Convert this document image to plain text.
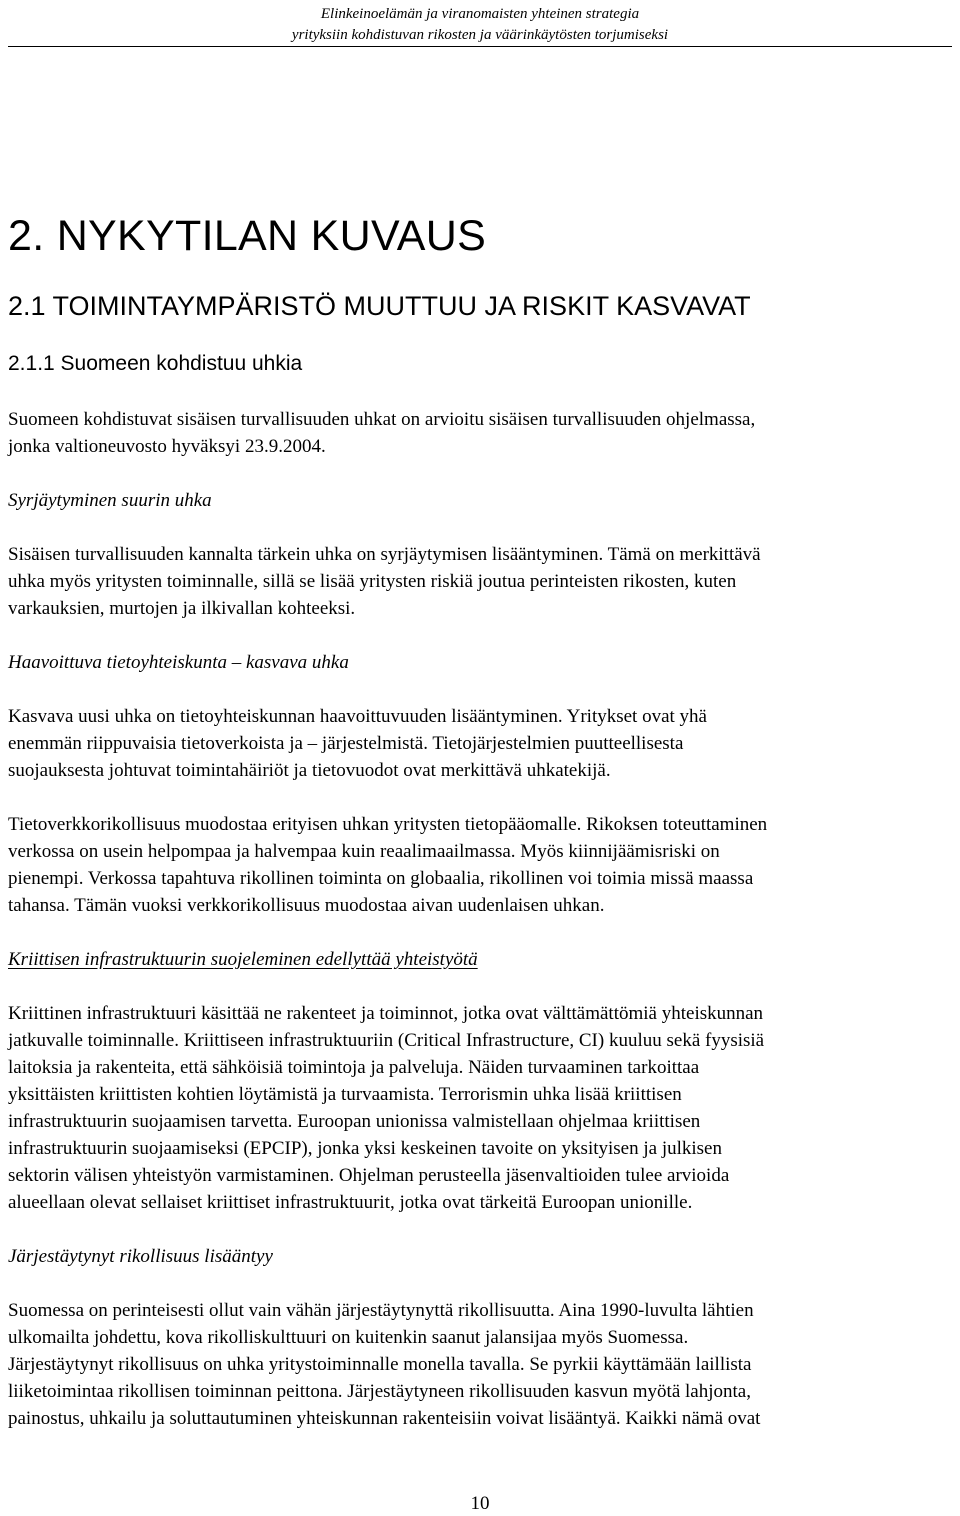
Elinkeinoelämän ja viranomaisten yhteinen strategia
yrityksiin kohdistuvan rikosten ja väärinkäytösten torjumiseksi
2. NYKYTILAN KUVAUS
2.1 TOIMINTAYMPÄRISTÖ MUUTTUU JA RISKIT KASVAVAT
2.1.1 Suomeen kohdistuu uhkia

Suomeen kohdistuvat sisäisen turvallisuuden uhkat on arvioitu sisäisen turvallisuuden ohjelmassa,
jonka valtioneuvosto hyväksyi 23.9.2004.

Syrjäytyminen suurin uhka

Sisäisen turvallisuuden kannalta tärkein uhka on syrjäytymisen lisääntyminen. Tämä on merkittävä
uhka myös yritysten toiminnalle, sillä se lisää yritysten riskiä joutua perinteisten rikosten, kuten
varkauksien, murtojen ja ilkivallan kohteeksi.

Haavoittuva tietoyhteiskunta – kasvava uhka

Kasvava uusi uhka on tietoyhteiskunnan haavoittuvuuden lisääntyminen. Yritykset ovat yhä
enemmän riippuvaisia tietoverkoista ja – järjestelmistä. Tietojärjestelmien puutteellisesta
suojauksesta johtuvat toimintahäiriöt ja tietovuodot ovat merkittävä uhkatekijä.

Tietoverkkorikollisuus muodostaa erityisen uhkan yritysten tietopääomalle. Rikoksen toteuttaminen
verkossa on usein helpompaa ja halvempaa kuin reaalimaailmassa. Myös kiinnijäämisriski on
pienempi. Verkossa tapahtuva rikollinen toiminta on globaalia, rikollinen voi toimia missä maassa
tahansa. Tämän vuoksi verkkorikollisuus muodostaa aivan uudenlaisen uhkan.

Kriittisen infrastruktuurin suojeleminen edellyttää yhteistyötä

Kriittinen infrastruktuuri käsittää ne rakenteet ja toiminnot, jotka ovat välttämättömiä yhteiskunnan
jatkuvalle toiminnalle. Kriittiseen infrastruktuuriin (Critical Infrastructure, CI) kuuluu sekä fyysisiä
laitoksia ja rakenteita, että sähköisiä toimintoja ja palveluja. Näiden turvaaminen tarkoittaa
yksittäisten kriittisten kohtien löytämistä ja turvaamista. Terrorismin uhka lisää kriittisen
infrastruktuurin suojaamisen tarvetta. Euroopan unionissa valmistellaan ohjelmaa kriittisen
infrastruktuurin suojaamiseksi (EPCIP), jonka yksi keskeinen tavoite on yksityisen ja julkisen
sektorin välisen yhteistyön varmistaminen. Ohjelman perusteella jäsenvaltioiden tulee arvioida
alueellaan olevat sellaiset kriittiset infrastruktuurit, jotka ovat tärkeitä Euroopan unionille.

Järjestäytynyt rikollisuus lisääntyy

Suomessa on perinteisesti ollut vain vähän järjestäytynyttä rikollisuutta. Aina 1990-luvulta lähtien
ulkomailta johdettu, kova rikolliskulttuuri on kuitenkin saanut jalansijaa myös Suomessa.
Järjestäytynyt rikollisuus on uhka yritystoiminnalle monella tavalla. Se pyrkii käyttämään laillista
liiketoimintaa rikollisen toiminnan peittona. Järjestäytyneen rikollisuuden kasvun myötä lahjonta,
painostus, uhkailu ja soluttautuminen yhteiskunnan rakenteisiin voivat lisääntyä. Kaikki nämä ovat

10
